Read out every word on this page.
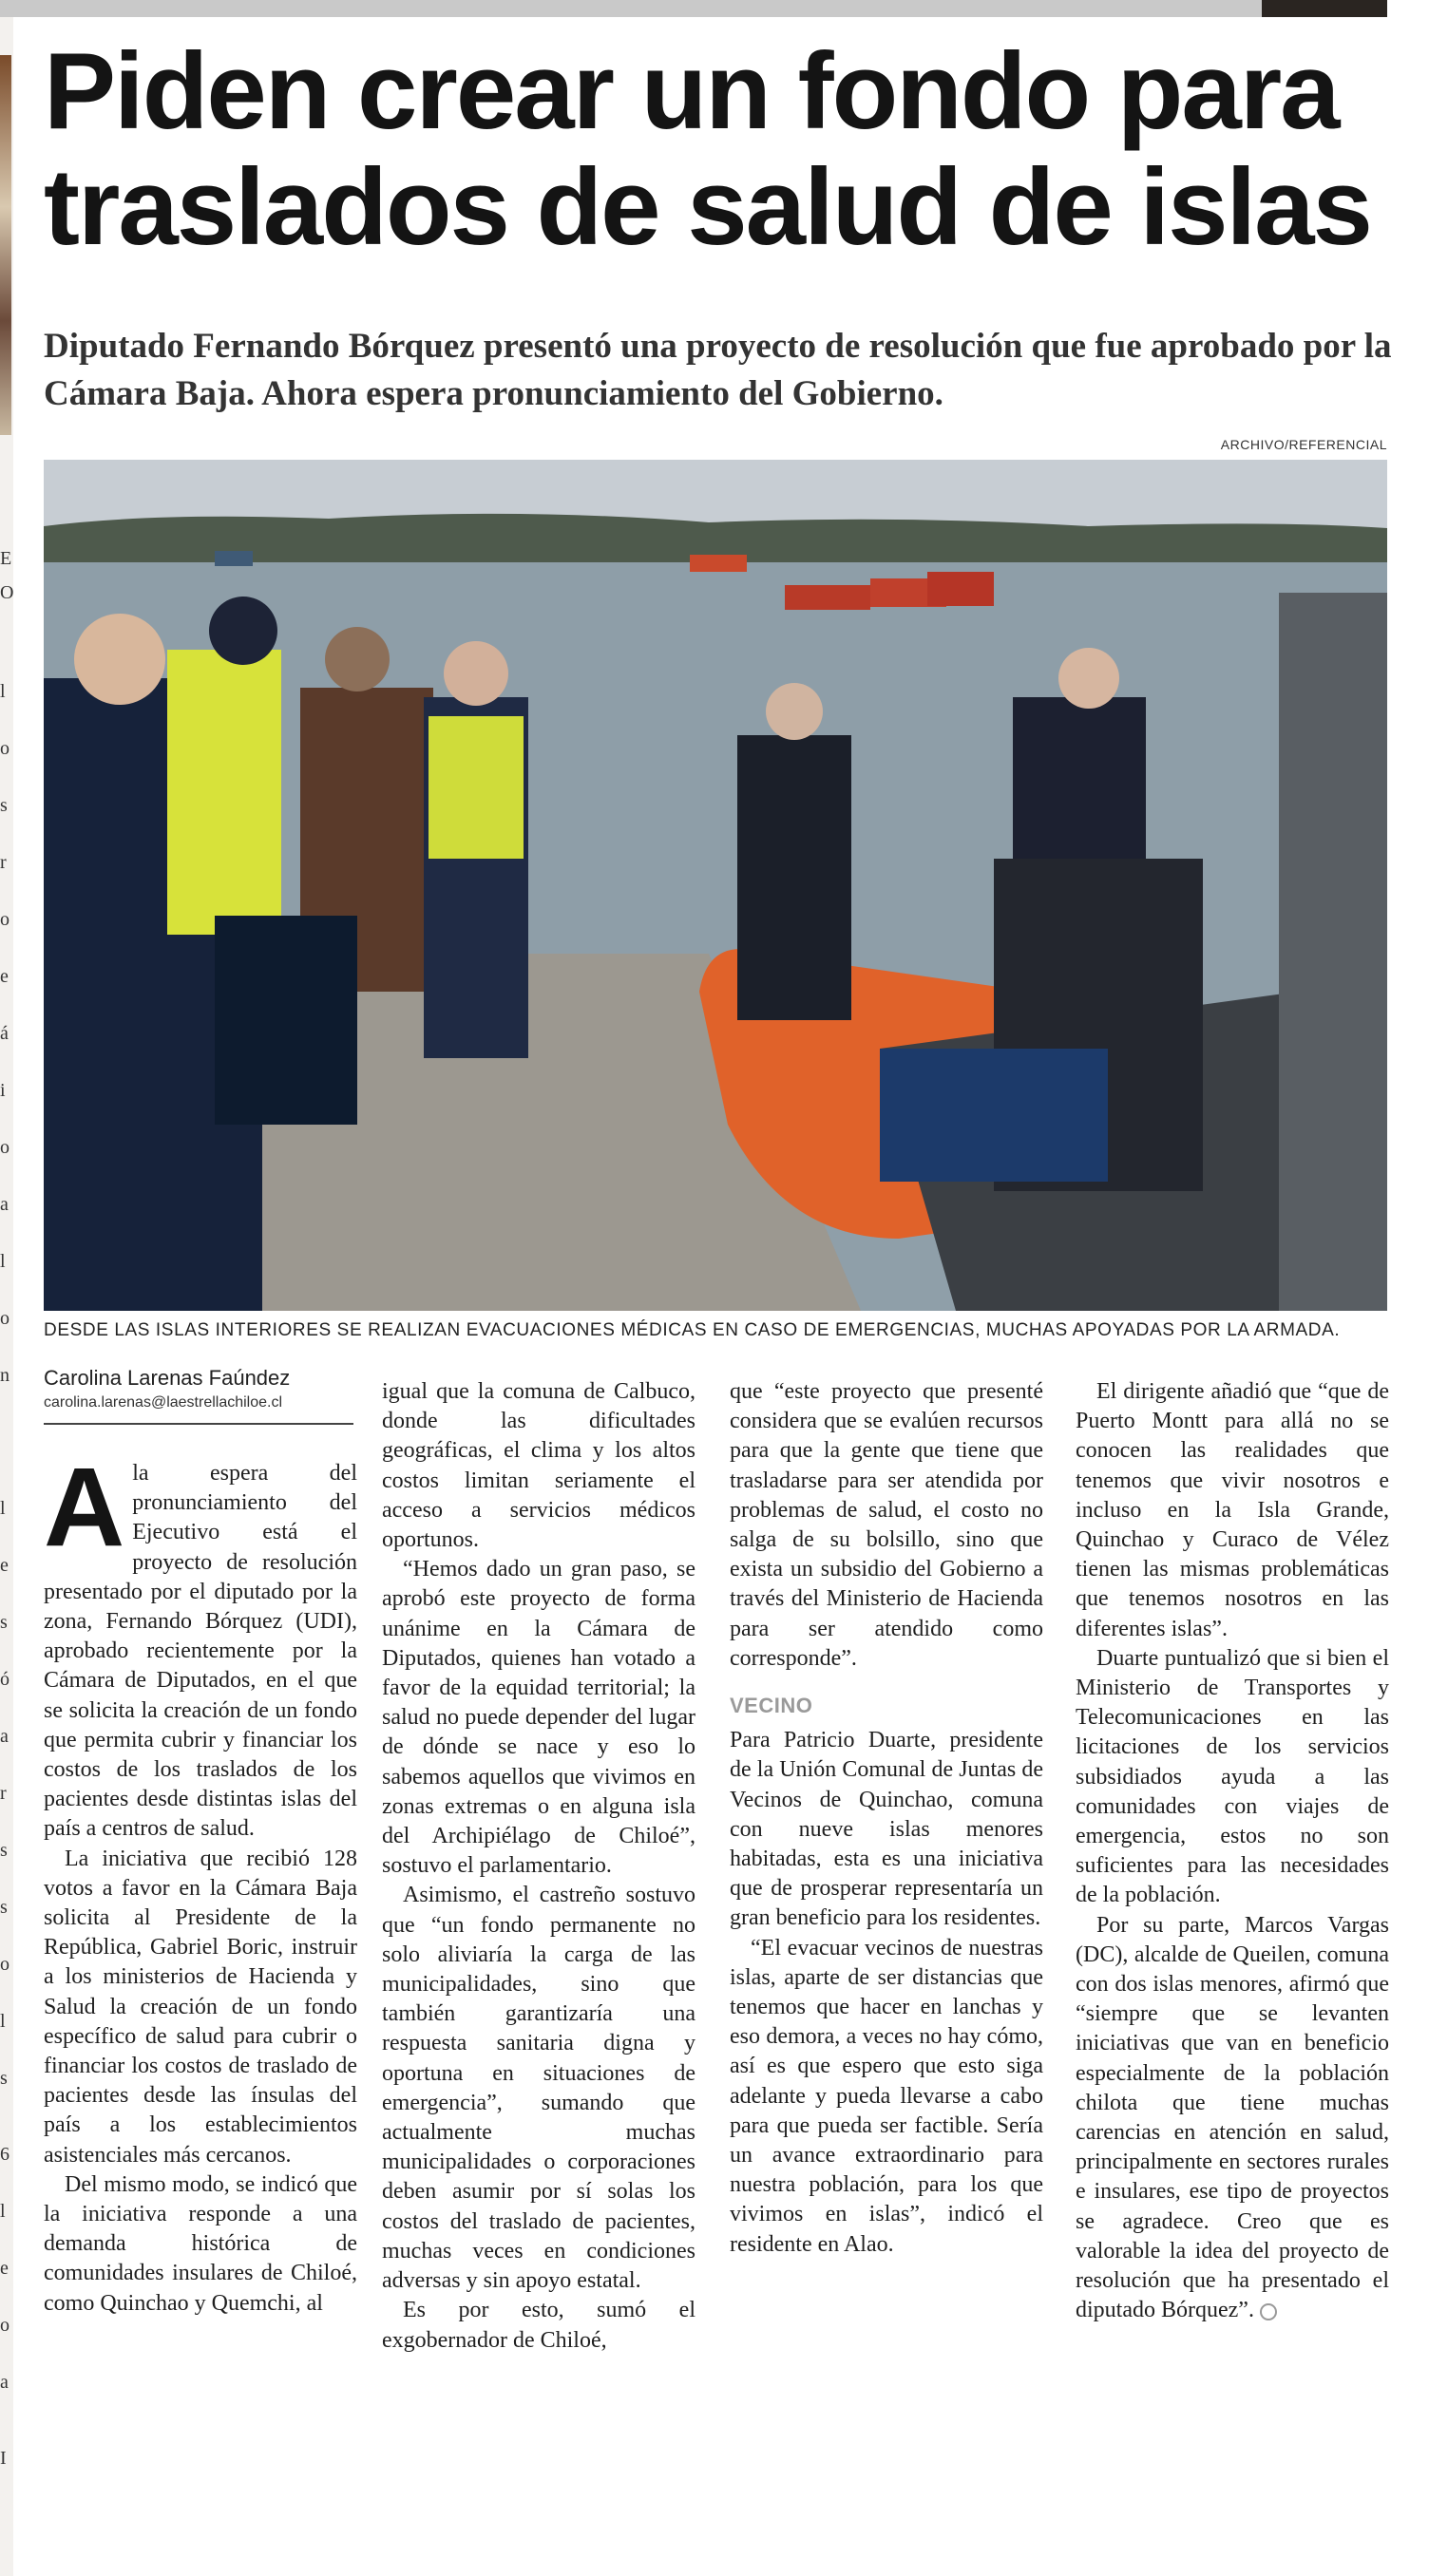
E
O
l
o
s
r
o
e
á
i
o
a
l
o
n
l
e
s
ó
a
r
s
s
o
l
s
6
l
e
o
a
I
Piden crear un fondo para
traslados de salud de islas

Diputado Fernando Bórquez presentó una proyecto de resolución que fue aprobado por la Cámara Baja. Ahora espera pronunciamiento del Gobierno.

ARCHIVO/REFERENCIAL

DESDE LAS ISLAS INTERIORES SE REALIZAN EVACUACIONES MÉDICAS EN CASO DE EMERGENCIAS, MUCHAS APOYADAS POR LA ARMADA.

Carolina Larenas Faúndez
carolina.larenas@laestrellachiloe.cl

Ala espera del pronunciamiento del Ejecutivo está el proyecto de resolución presentado por el diputado por la zona, Fernando Bórquez (UDI), aprobado recientemente por la Cámara de Diputados, en el que se solicita la creación de un fondo que permita cubrir y financiar los costos de los traslados de los pacientes desde distintas islas del país a centros de salud.

La iniciativa que recibió 128 votos a favor en la Cámara Baja solicita al Presidente de la República, Gabriel Boric, instruir a los ministerios de Hacienda y Salud la creación de un fondo específico de salud para cubrir o financiar los costos de traslado de pacientes desde las ínsulas del país a los establecimientos asistenciales más cercanos.

Del mismo modo, se indicó que la iniciativa responde a una demanda histórica de comunidades insulares de Chiloé, como Quinchao y Quemchi, al

igual que la comuna de Calbuco, donde las dificultades geográficas, el clima y los altos costos limitan seriamente el acceso a servicios médicos oportunos.

“Hemos dado un gran paso, se aprobó este proyecto de forma unánime en la Cámara de Diputados, quienes han votado a favor de la equidad territorial; la salud no puede depender del lugar de dónde se nace y eso lo sabemos aquellos que vivimos en zonas extremas o en alguna isla del Archipiélago de Chiloé”, sostuvo el parlamentario.

Asimismo, el castreño sostuvo que “un fondo permanente no solo aliviaría la carga de las municipalidades, sino que también garantizaría una respuesta sanitaria digna y oportuna en situaciones de emergencia”, sumando que actualmente muchas municipalidades o corporaciones deben asumir por sí solas los costos del traslado de pacientes, muchas veces en condiciones adversas y sin apoyo estatal.

Es por esto, sumó el exgobernador de Chiloé,

que “este proyecto que presenté considera que se evalúen recursos para que la gente que tiene que trasladarse para ser atendida por problemas de salud, el costo no salga de su bolsillo, sino que exista un subsidio del Gobierno a través del Ministerio de Hacienda para ser atendido como corresponde”.

VECINO

Para Patricio Duarte, presidente de la Unión Comunal de Juntas de Vecinos de Quinchao, comuna con nueve islas menores habitadas, esta es una iniciativa que de prosperar representaría un gran beneficio para los residentes.

“El evacuar vecinos de nuestras islas, aparte de ser distancias que tenemos que hacer en lanchas y eso demora, a veces no hay cómo, así es que espero que esto siga adelante y pueda llevarse a cabo para que pueda ser factible. Sería un avance extraordinario para nuestra población, para los que vivimos en islas”, indicó el residente en Alao.

El dirigente añadió que “que de Puerto Montt para allá no se conocen las realidades que tenemos que vivir nosotros e incluso en la Isla Grande, Quinchao y Curaco de Vélez tienen las mismas problemáticas que tenemos nosotros en las diferentes islas”.

Duarte puntualizó que si bien el Ministerio de Transportes y Telecomunicaciones en las licitaciones de los servicios subsidiados ayuda a las comunidades con viajes de emergencia, estos no son suficientes para las necesidades de la población.

Por su parte, Marcos Vargas (DC), alcalde de Queilen, comuna con dos islas menores, afirmó que “siempre que se levanten iniciativas que van en beneficio especialmente de la población chilota que tiene muchas carencias en atención en salud, principalmente en sectores rurales e insulares, ese tipo de proyectos se agradece. Creo que es valorable la idea del proyecto de resolución que ha presentado el diputado Bórquez”.
